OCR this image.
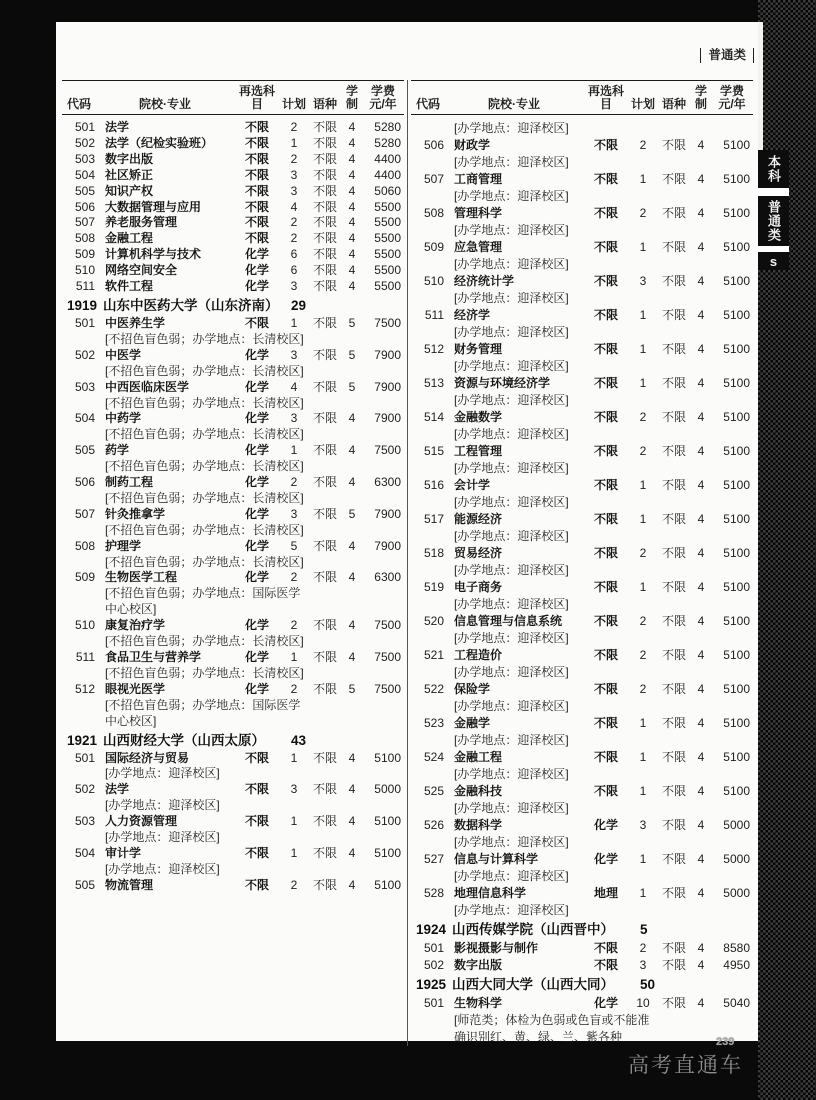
普通类
代码	院校·专业
再选科目	计划 语种
学
制
学费
元/年
501 法学	不限	2	不限 4	5280
502 法学（纪检实验班）	不限	1	不限 4	5280
503 数字出版	不限	2	不限 4	4400
504 社区矫正	不限	3	不限 4	4400
505 知识产权	不限	3	不限 4	5060
506 大数据管理与应用	不限	4	不限 4	5500
507 养老服务管理	不限	2	不限 4	5500
508 金融工程	不限	2	不限 4	5500
509 计算机科学与技术	化学	6	不限 4	5500
510 网络空间安全	化学	6	不限 4	5500
511 软件工程	化学	3	不限 4	5500
1919 山东中医药大学（山东济南） 29
501 中医养生学	不限	1	不限 5	7500
[不招色盲色弱；办学地点：长清校区]
502 中医学	化学	3	不限 5	7900
[不招色盲色弱；办学地点：长清校区]
503 中西医临床医学	化学	4	不限 5	7900
[不招色盲色弱；办学地点：长清校区]
504 中药学	化学	3	不限 4	7900
[不招色盲色弱；办学地点：长清校区]
505 药学	化学	1	不限 4	7500
[不招色盲色弱；办学地点：长清校区]
506 制药工程	化学	2	不限 4	6300
[不招色盲色弱；办学地点：长清校区]
507 针灸推拿学	化学	3	不限 5	7900
[不招色盲色弱；办学地点：长清校区]
508 护理学	化学	5	不限 4	7900
[不招色盲色弱；办学地点：长清校区]
509 生物医学工程	化学	2	不限 4	6300
[不招色盲色弱；办学地点：国际医学中心校区]
510 康复治疗学	化学	2	不限 4	7500
[不招色盲色弱；办学地点：长清校区]
511 食品卫生与营养学	化学	1	不限 4	7500
[不招色盲色弱；办学地点：长清校区]
512 眼视光医学	化学	2	不限 5	7500
[不招色盲色弱；办学地点：国际医学中心校区]
1921 山西财经大学（山西太原）	43
501 国际经济与贸易	不限	1	不限 4	5100
[办学地点：迎泽校区]
502 法学	不限	3	不限 4	5000
[办学地点：迎泽校区]
503 人力资源管理	不限	1	不限 4	5100
[办学地点：迎泽校区]
504 审计学	不限	1	不限 4	5100
[办学地点：迎泽校区]
505 物流管理	不限	2	不限 4	5100
代码	院校·专业
再选科目	计划 语种
学
制
学费
元/年
[办学地点：迎泽校区]
506 财政学	不限	2	不限 4	5100
[办学地点：迎泽校区]
507 工商管理	不限	1	不限 4	5100
[办学地点：迎泽校区]
508 管理科学	不限	2	不限 4	5100
[办学地点：迎泽校区]
509 应急管理	不限	1	不限 4	5100
[办学地点：迎泽校区]
510 经济统计学	不限	3	不限 4	5100
[办学地点：迎泽校区]
511 经济学	不限	1	不限 4	5100
[办学地点：迎泽校区]
512 财务管理	不限	1	不限 4	5100
[办学地点：迎泽校区]
513 资源与环境经济学	不限	1	不限 4	5100
[办学地点：迎泽校区]
514 金融数学	不限	2	不限 4	5100
[办学地点：迎泽校区]
515 工程管理	不限	2	不限 4	5100
[办学地点：迎泽校区]
516 会计学	不限	1	不限 4	5100
[办学地点：迎泽校区]
517 能源经济	不限	1	不限 4	5100
[办学地点：迎泽校区]
518 贸易经济	不限	2	不限 4	5100
[办学地点：迎泽校区]
519 电子商务	不限	1	不限 4	5100
[办学地点：迎泽校区]
520 信息管理与信息系统	不限	2	不限 4	5100
[办学地点：迎泽校区]
521 工程造价	不限	2	不限 4	5100
[办学地点：迎泽校区]
522 保险学	不限	2	不限 4	5100
[办学地点：迎泽校区]
523 金融学	不限	1	不限 4	5100
[办学地点：迎泽校区]
524 金融工程	不限	1	不限 4	5100
[办学地点：迎泽校区]
525 金融科技	不限	1	不限 4	5100
[办学地点：迎泽校区]
526 数据科学	化学	3	不限 4	5000
[办学地点：迎泽校区]
527 信息与计算科学	化学	1	不限 4	5000
[办学地点：迎泽校区]
528 地理信息科学	地理	1	不限 4	5000
[办学地点：迎泽校区]
1924 山西传媒学院（山西晋中）	5
501 影视摄影与制作	不限	2	不限 4	8580
502 数字出版	不限	3	不限 4	4950
1925 山西大同大学（山西大同）	50
501 生物科学	化学	10	不限 4	5040
[师范类；体检为色弱或色盲或不能准确识别红、黄、绿、兰、紫各种
本科
普通类
s
239
高考直通车
